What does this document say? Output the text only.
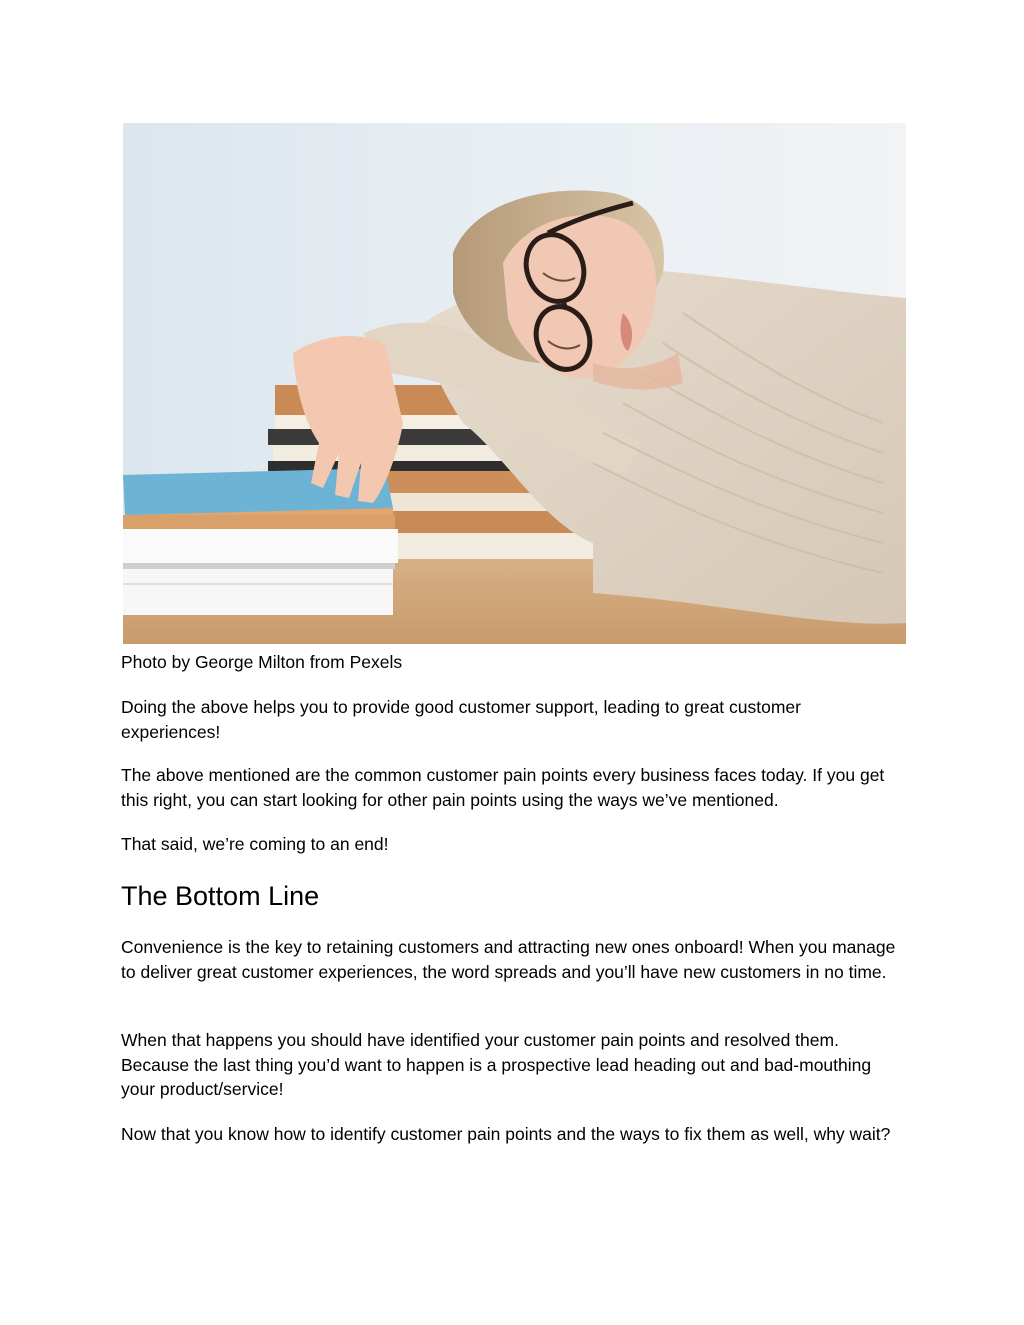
Photo by George Milton from Pexels

Doing the above helps you to provide good customer support, leading to great customer experiences!

The above mentioned are the common customer pain points every business faces today. If you get this right, you can start looking for other pain points using the ways we’ve mentioned.

That said, we’re coming to an end!

The Bottom Line

Convenience is the key to retaining customers and attracting new ones onboard! When you manage to deliver great customer experiences, the word spreads and you’ll have new customers in no time.

When that happens you should have identified your customer pain points and resolved them. Because the last thing you’d want to happen is a prospective lead heading out and bad-mouthing your product/service!

Now that you know how to identify customer pain points and the ways to fix them as well, why wait?
